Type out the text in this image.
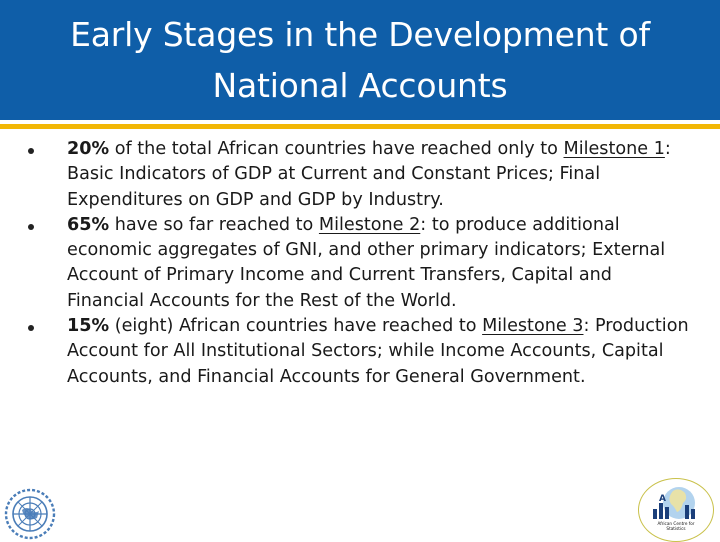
Early Stages in the Development of National Accounts
20% of the total African countries have reached only to Milestone 1: Basic Indicators of GDP at Current and Constant Prices; Final Expenditures on GDP and GDP by Industry.
65% have so far reached to Milestone 2: to produce additional economic aggregates of GNI, and other primary indicators; External Account of Primary Income and Current Transfers, Capital and Financial Accounts for the Rest of the World.
15% (eight) African countries have reached to Milestone 3: Production Account for All Institutional Sectors; while Income Accounts, Capital Accounts, and Financial Accounts for General Government.
A
African Centre for Statistics
